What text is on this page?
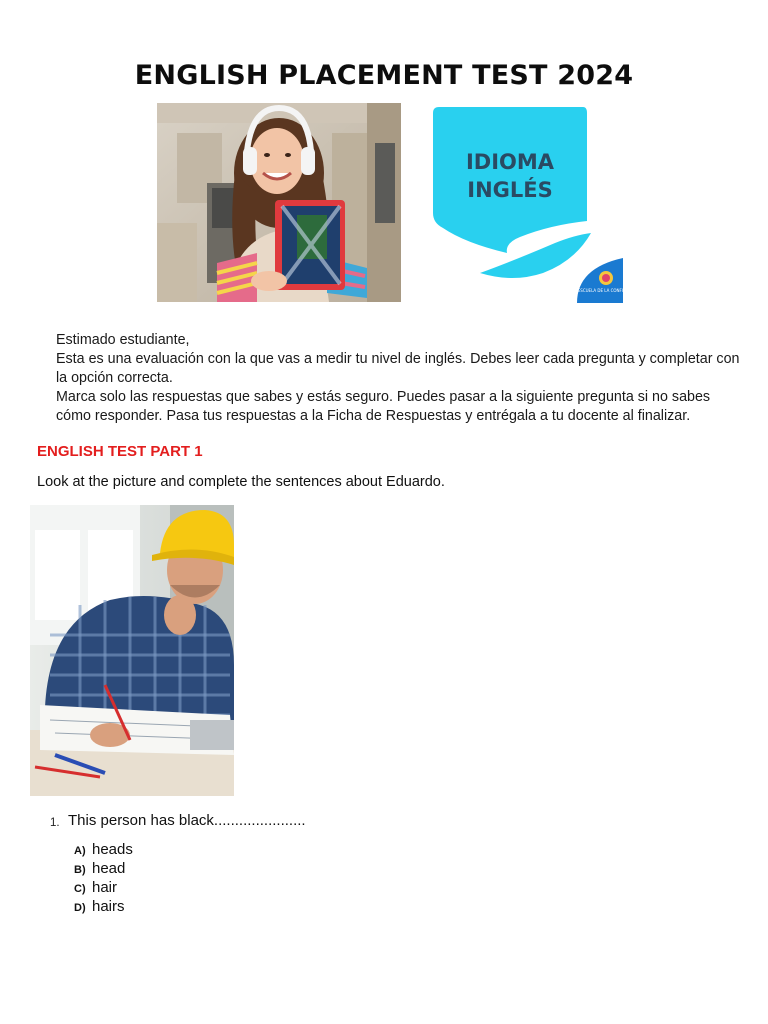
ENGLISH PLACEMENT TEST 2024
IDIOMA
INGLÉS
ESCUELA DE LA CONFIANZA

Estimado estudiante,

Esta es una evaluación con la que vas a medir tu nivel de inglés. Debes leer cada pregunta y completar con la opción correcta.

Marca solo las respuestas que sabes y estás seguro. Puedes pasar a la siguiente pregunta si no sabes cómo responder. Pasa tus respuestas a la Ficha de Respuestas y entrégala a tu docente al finalizar.

ENGLISH TEST PART 1
Look at the picture and complete the sentences about Eduardo.
1. This person has black......................
A) heads
B) head
C) hair
D) hairs
